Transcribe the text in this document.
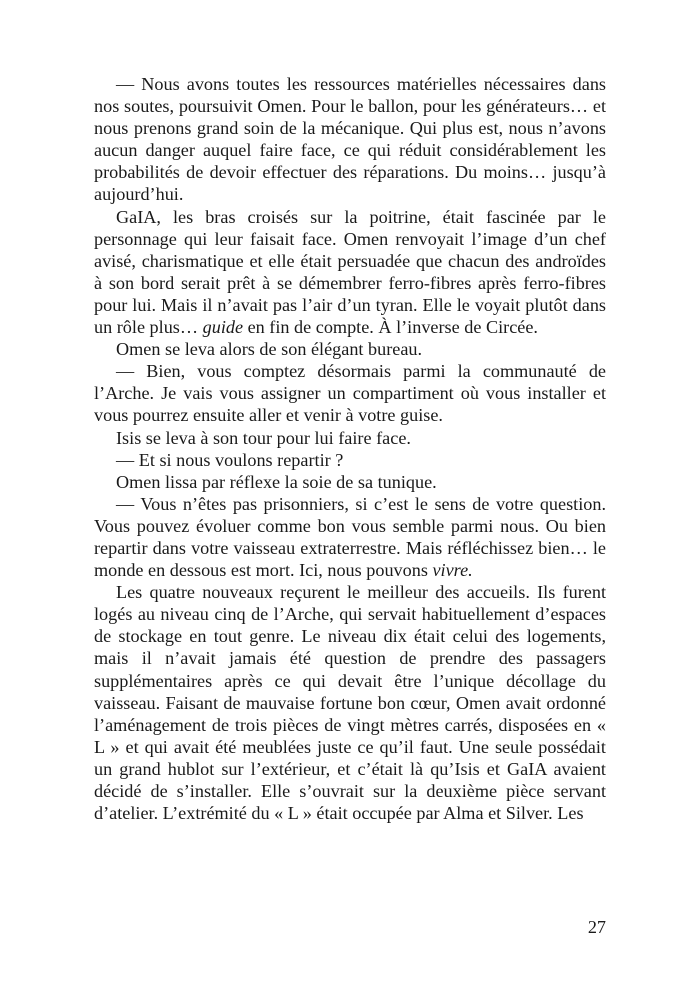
— Nous avons toutes les ressources matérielles nécessaires dans nos soutes, poursuivit Omen. Pour le ballon, pour les générateurs… et nous prenons grand soin de la mécanique. Qui plus est, nous n’avons aucun danger auquel faire face, ce qui réduit considérablement les probabilités de devoir effectuer des réparations. Du moins… jusqu’à aujourd’hui.

GaIA, les bras croisés sur la poitrine, était fascinée par le personnage qui leur faisait face. Omen renvoyait l’image d’un chef avisé, charismatique et elle était persuadée que chacun des androïdes à son bord serait prêt à se démembrer ferro-fibres après ferro-fibres pour lui. Mais il n’avait pas l’air d’un tyran. Elle le voyait plutôt dans un rôle plus… guide en fin de compte. À l’inverse de Circée.

Omen se leva alors de son élégant bureau.

— Bien, vous comptez désormais parmi la communauté de l’Arche. Je vais vous assigner un compartiment où vous installer et vous pourrez ensuite aller et venir à votre guise.

Isis se leva à son tour pour lui faire face.

— Et si nous voulons repartir ?

Omen lissa par réflexe la soie de sa tunique.

— Vous n’êtes pas prisonniers, si c’est le sens de votre question. Vous pouvez évoluer comme bon vous semble parmi nous. Ou bien repartir dans votre vaisseau extraterrestre. Mais réfléchissez bien… le monde en dessous est mort. Ici, nous pouvons vivre.

Les quatre nouveaux reçurent le meilleur des accueils. Ils furent logés au niveau cinq de l’Arche, qui servait habituellement d’espaces de stockage en tout genre. Le niveau dix était celui des logements, mais il n’avait jamais été question de prendre des passagers supplémentaires après ce qui devait être l’unique décollage du vaisseau. Faisant de mauvaise fortune bon cœur, Omen avait ordonné l’aménagement de trois pièces de vingt mètres carrés, disposées en « L » et qui avait été meublées juste ce qu’il faut. Une seule possédait un grand hublot sur l’extérieur, et c’était là qu’Isis et GaIA avaient décidé de s’installer. Elle s’ouvrait sur la deuxième pièce servant d’atelier. L’extrémité du « L » était occupée par Alma et Silver. Les

27
